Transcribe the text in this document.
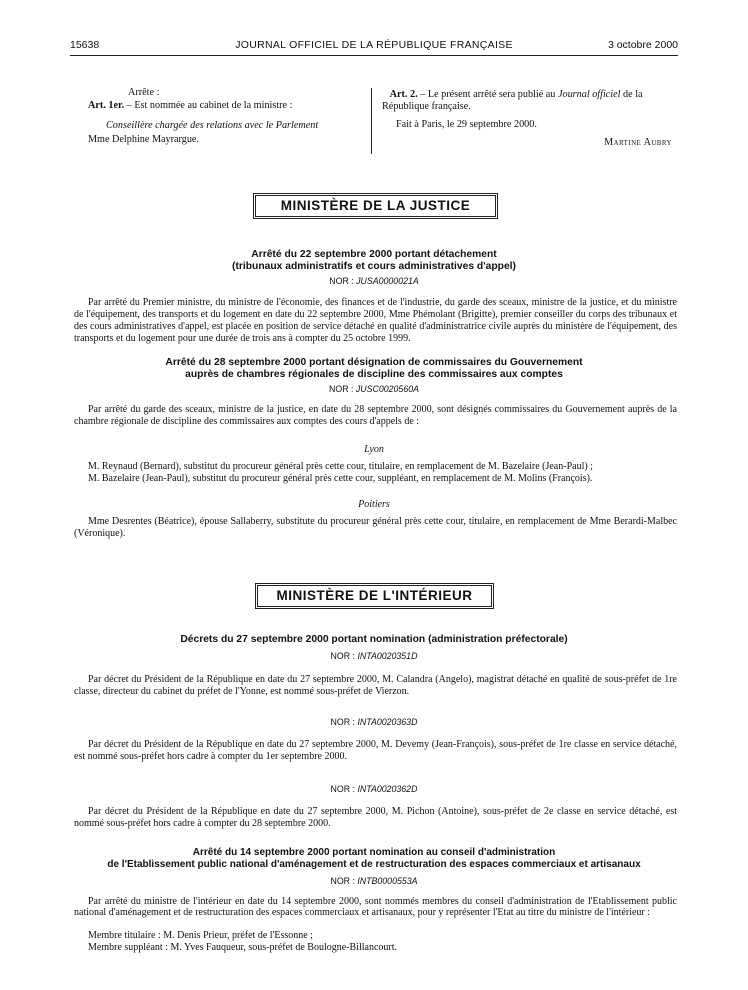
15638	JOURNAL OFFICIEL DE LA RÉPUBLIQUE FRANÇAISE	3 octobre 2000
Arrête :
Art. 1er. – Est nommée au cabinet de la ministre :
Conseillère chargée des relations avec le Parlement
Mme Delphine Mayrargue.
Art. 2. – Le présent arrêté sera publié au Journal officiel de la République française.
Fait à Paris, le 29 septembre 2000.
Martine Aubry
MINISTÈRE DE LA JUSTICE
Arrêté du 22 septembre 2000 portant détachement
(tribunaux administratifs et cours administratives d'appel)
NOR : JUSA0000021A
Par arrêté du Premier ministre, du ministre de l'économie, des finances et de l'industrie, du garde des sceaux, ministre de la justice, et du ministre de l'équipement, des transports et du logement en date du 22 septembre 2000, Mme Phémolant (Brigitte), premier conseiller du corps des tribunaux et des cours administratives d'appel, est placée en position de service détaché en qualité d'administratrice civile auprès du ministère de l'équipement, des transports et du logement pour une durée de trois ans à compter du 25 octobre 1999.
Arrêté du 28 septembre 2000 portant désignation de commissaires du Gouvernement
auprès de chambres régionales de discipline des commissaires aux comptes
NOR : JUSC0020560A
Par arrêté du garde des sceaux, ministre de la justice, en date du 28 septembre 2000, sont désignés commissaires du Gouvernement auprès de la chambre régionale de discipline des commissaires aux comptes des cours d'appels de :
Lyon
M. Reynaud (Bernard), substitut du procureur général près cette cour, titulaire, en remplacement de M. Bazelaire (Jean-Paul) ;
M. Bazelaire (Jean-Paul), substitut du procureur général près cette cour, suppléant, en remplacement de M. Molins (François).
Poitiers
Mme Desrentes (Béatrice), épouse Sallaberry, substitute du procureur général près cette cour, titulaire, en remplacement de Mme Berardi-Malbec (Véronique).
MINISTÈRE DE L'INTÉRIEUR
Décrets du 27 septembre 2000 portant nomination (administration préfectorale)
NOR : INTA0020351D
Par décret du Président de la République en date du 27 septembre 2000, M. Calandra (Angelo), magistrat détaché en qualité de sous-préfet de 1re classe, directeur du cabinet du préfet de l'Yonne, est nommé sous-préfet de Vierzon.
NOR : INTA0020363D
Par décret du Président de la République en date du 27 septembre 2000, M. Devemy (Jean-François), sous-préfet de 1re classe en service détaché, est nommé sous-préfet hors cadre à compter du 1er septembre 2000.
NOR : INTA0020362D
Par décret du Président de la République en date du 27 septembre 2000, M. Pichon (Antoine), sous-préfet de 2e classe en service détaché, est nommé sous-préfet hors cadre à compter du 28 septembre 2000.
Arrêté du 14 septembre 2000 portant nomination au conseil d'administration
de l'Etablissement public national d'aménagement et de restructuration des espaces commerciaux et artisanaux
NOR : INTB0000553A
Par arrêté du ministre de l'intérieur en date du 14 septembre 2000, sont nommés membres du conseil d'administration de l'Etablissement public national d'aménagement et de restructuration des espaces commerciaux et artisanaux, pour y représenter l'Etat au titre du ministre de l'intérieur :
Membre titulaire : M. Denis Prieur, préfet de l'Essonne ;
Membre suppléant : M. Yves Fauqueur, sous-préfet de Boulogne-Billancourt.
